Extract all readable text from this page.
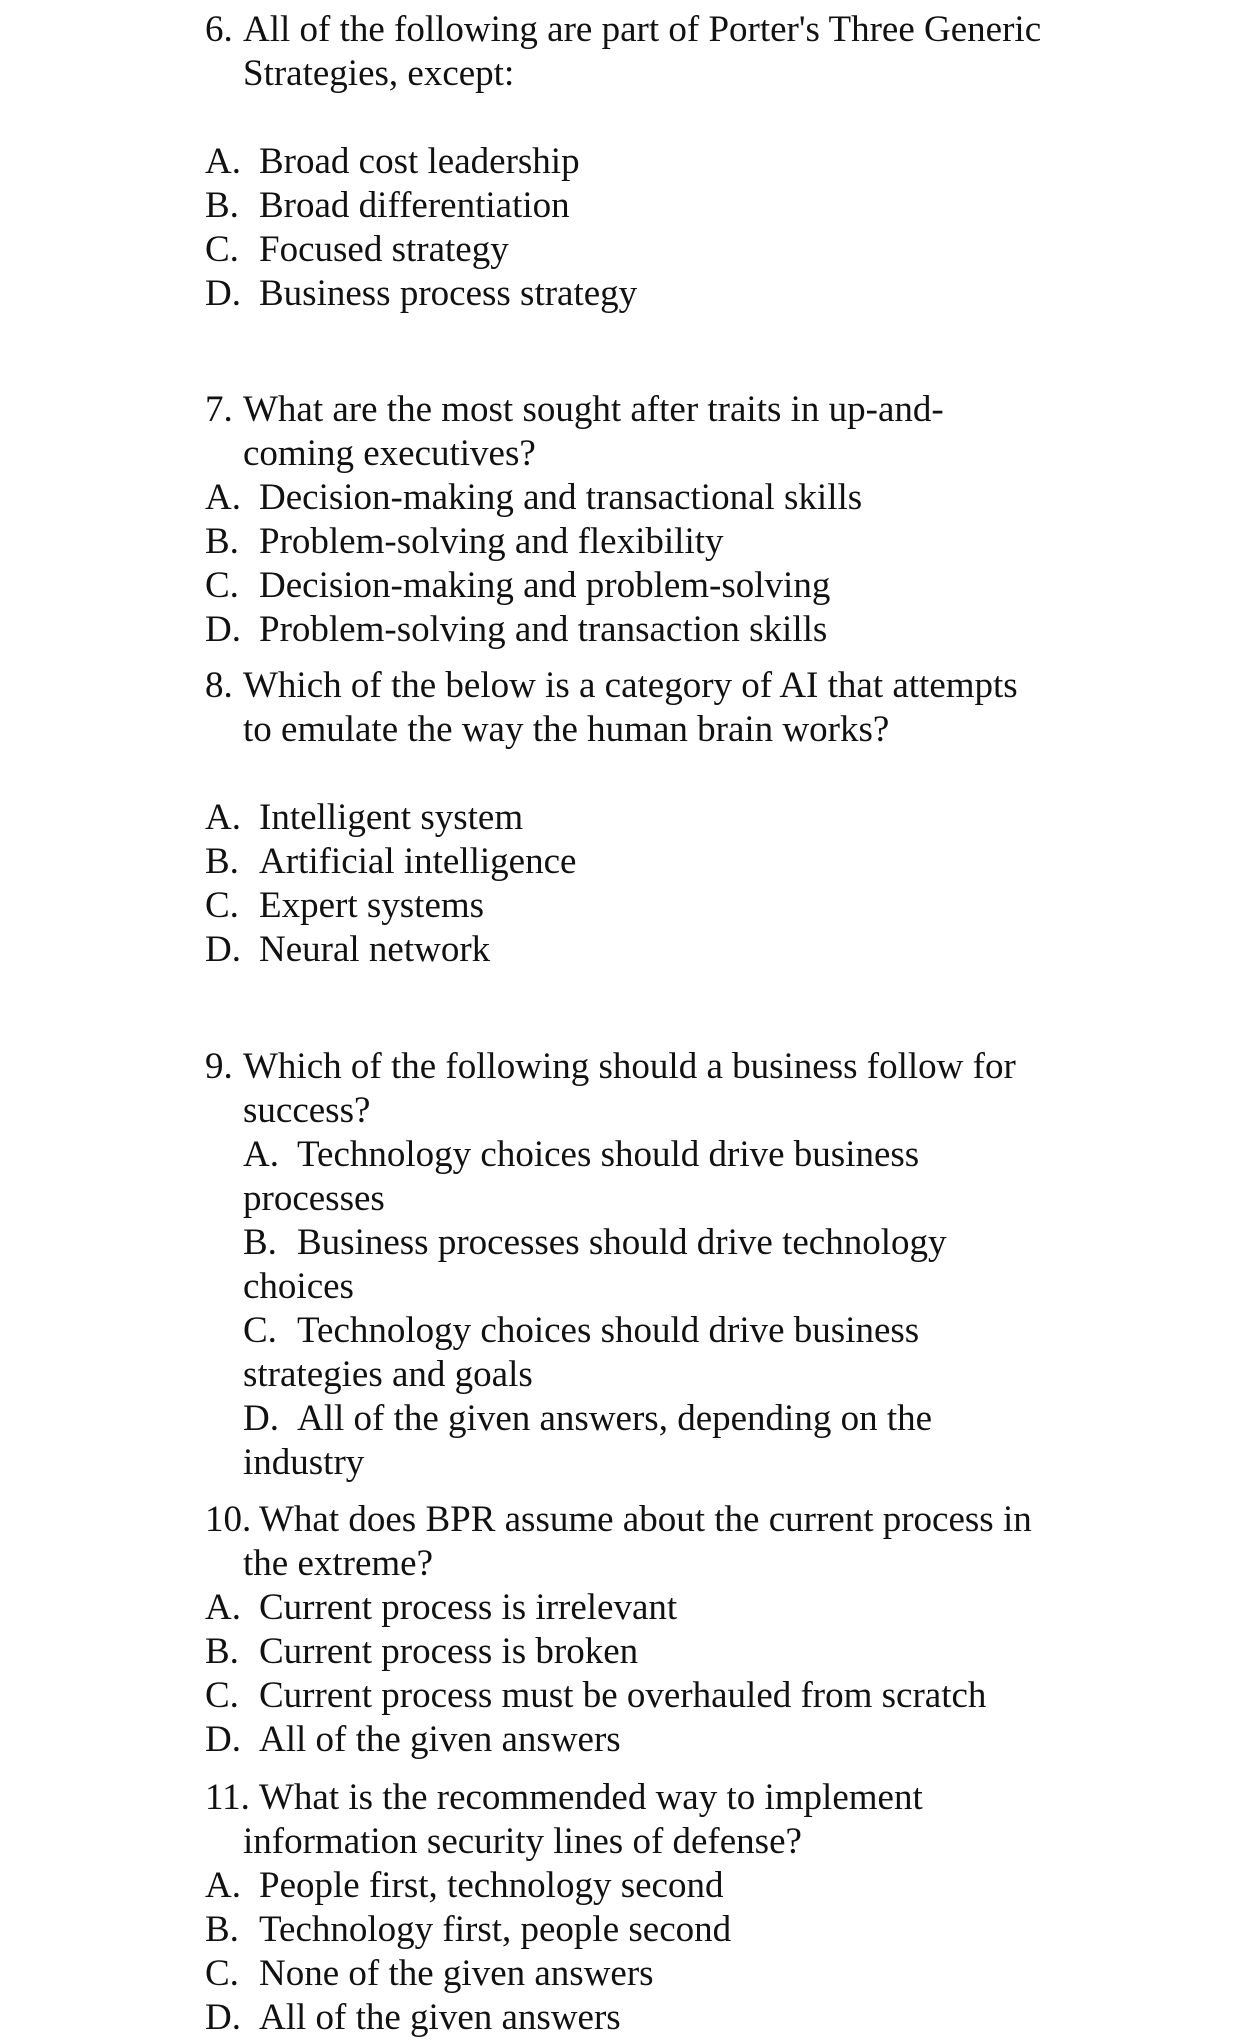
6. All of the following are part of Porter's Three Generic

Strategies, except:

A. Broad cost leadership

B. Broad differentiation

C. Focused strategy

D. Business process strategy

7. What are the most sought after traits in up-and-

coming executives?

A. Decision-making and transactional skills

B. Problem-solving and flexibility

C. Decision-making and problem-solving

D. Problem-solving and transaction skills

8. Which of the below is a category of AI that attempts

to emulate the way the human brain works?

A. Intelligent system

B. Artificial intelligence

C. Expert systems

D. Neural network

9. Which of the following should a business follow for

success?

A. Technology choices should drive business

processes

B. Business processes should drive technology

choices

C. Technology choices should drive business

strategies and goals

D. All of the given answers, depending on the

industry

10. What does BPR assume about the current process in

the extreme?

A. Current process is irrelevant

B. Current process is broken

C. Current process must be overhauled from scratch

D. All of the given answers

11. What is the recommended way to implement

information security lines of defense?

A. People first, technology second

B. Technology first, people second

C. None of the given answers

D. All of the given answers
